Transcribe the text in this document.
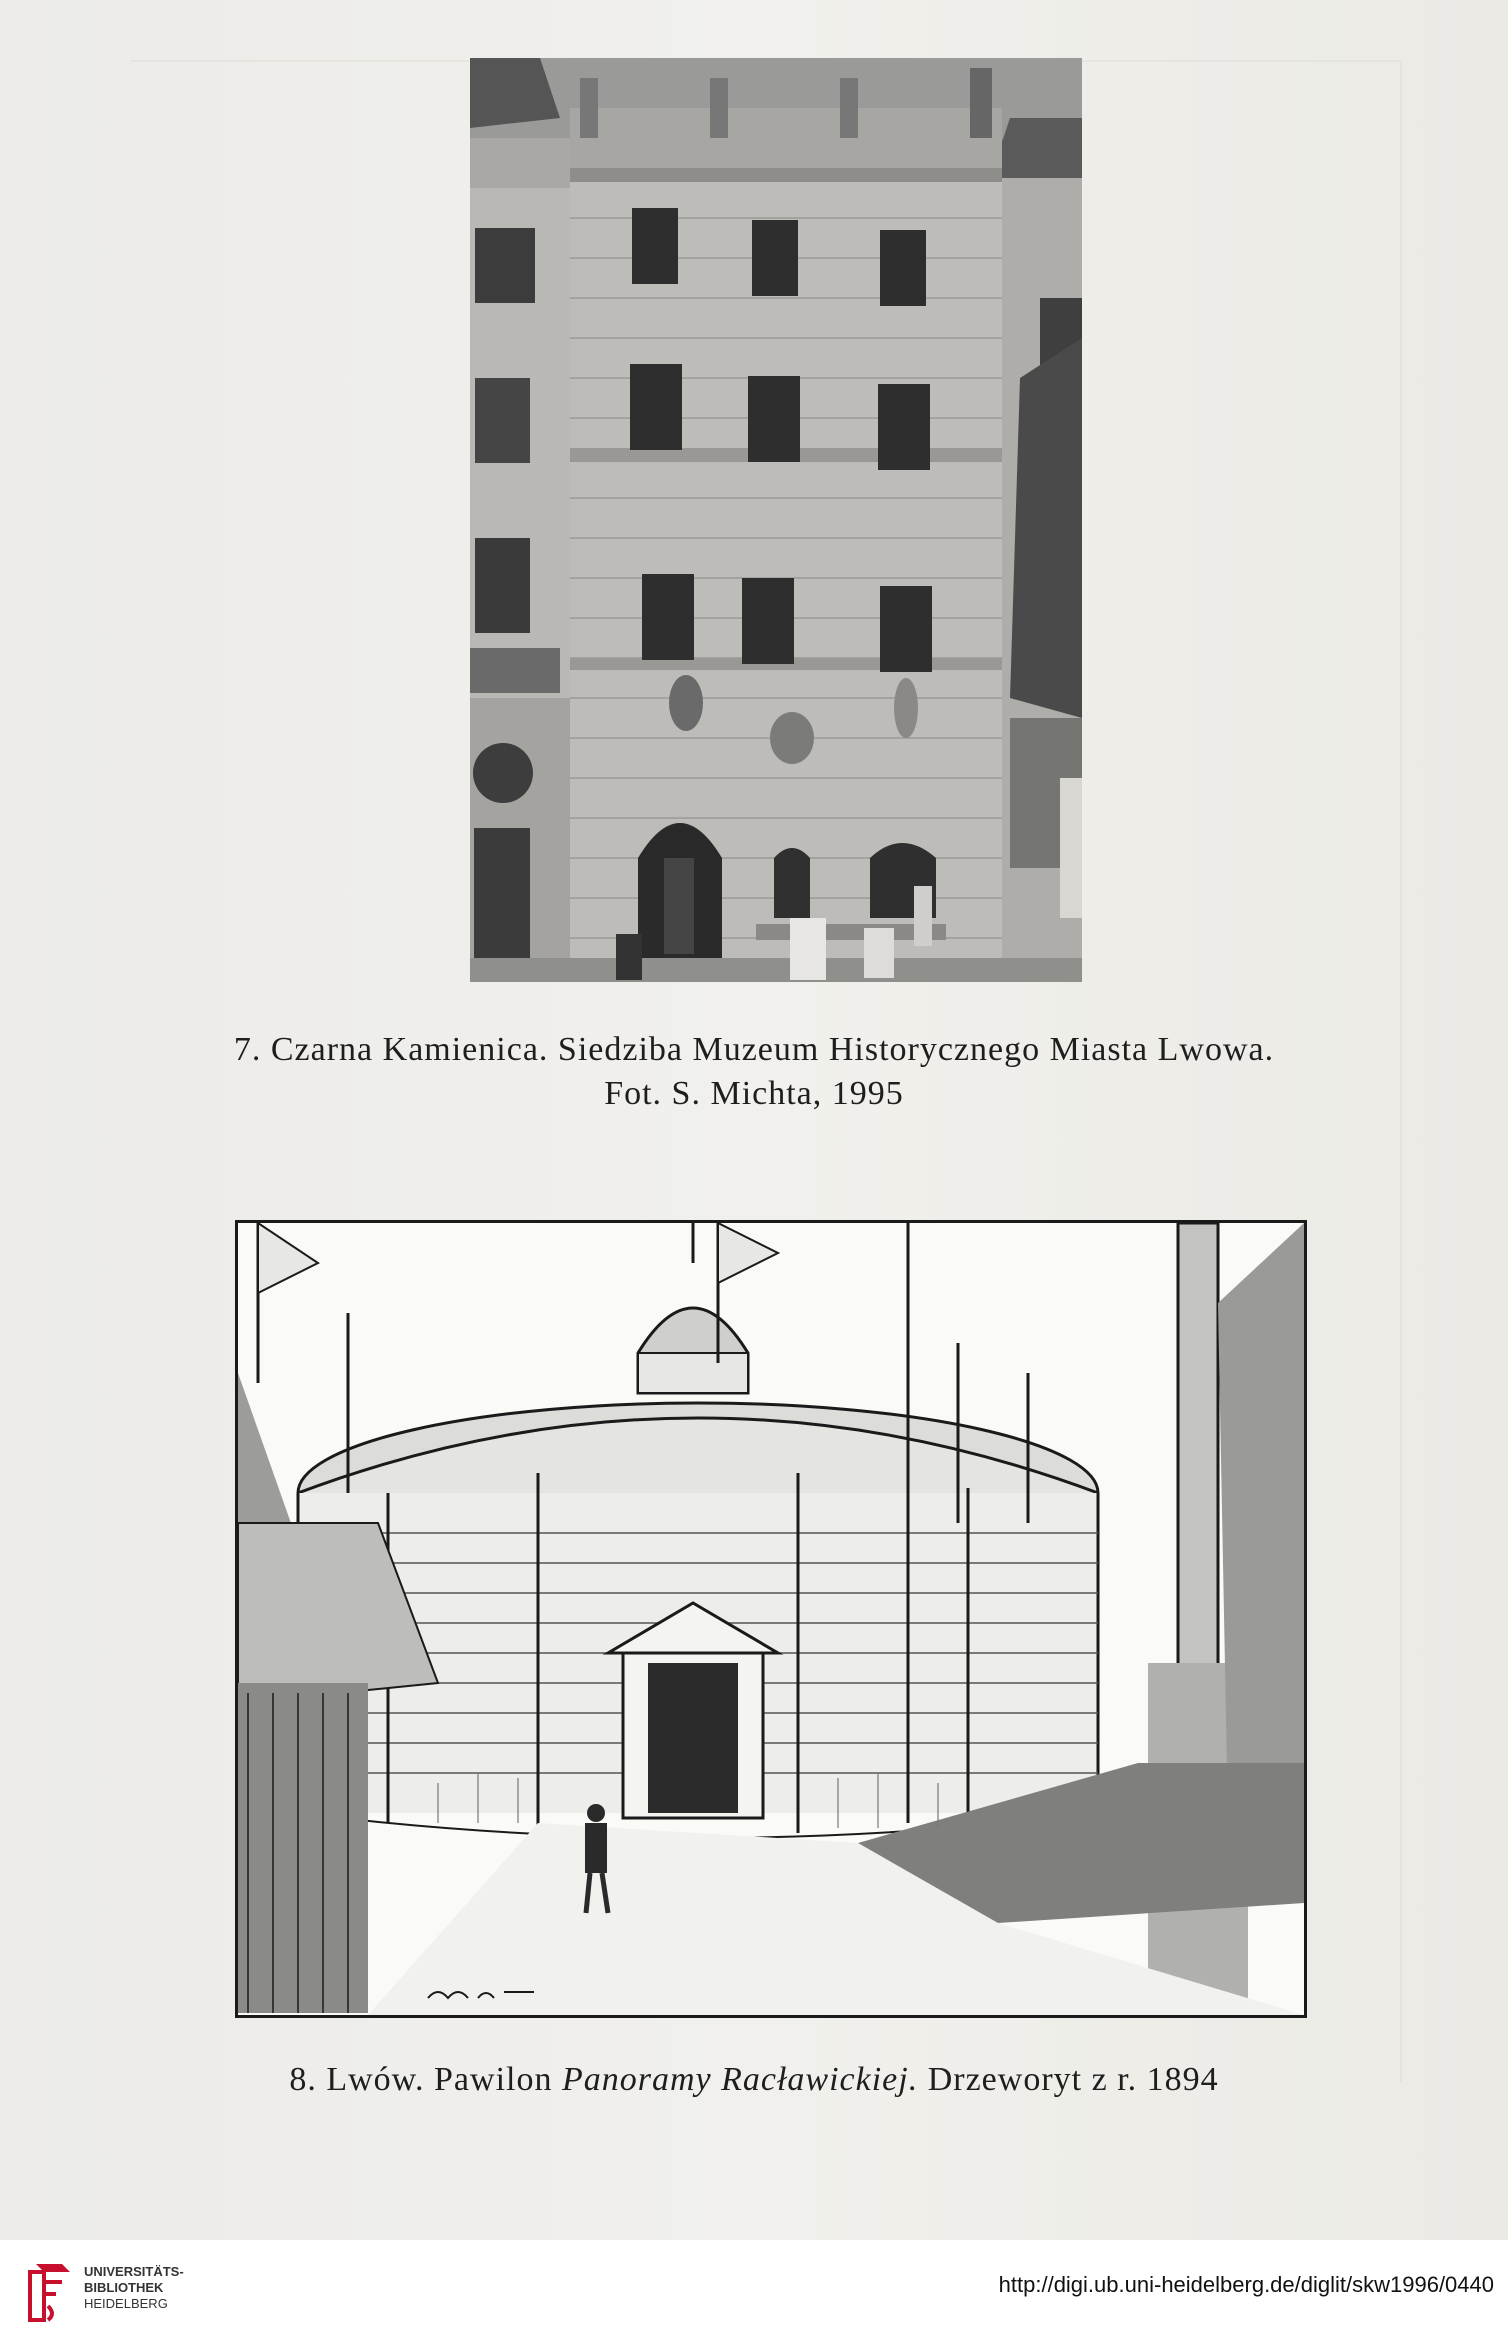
7. Czarna Kamienica. Siedziba Muzeum Historycznego Miasta Lwowa.
Fot. S. Michta, 1995
8. Lwów. Pawilon Panoramy Racławickiej. Drzeworyt z r. 1894
UNIVERSITÄTS-
BIBLIOTHEK
HEIDELBERG
http://digi.ub.uni-heidelberg.de/diglit/skw1996/0440
